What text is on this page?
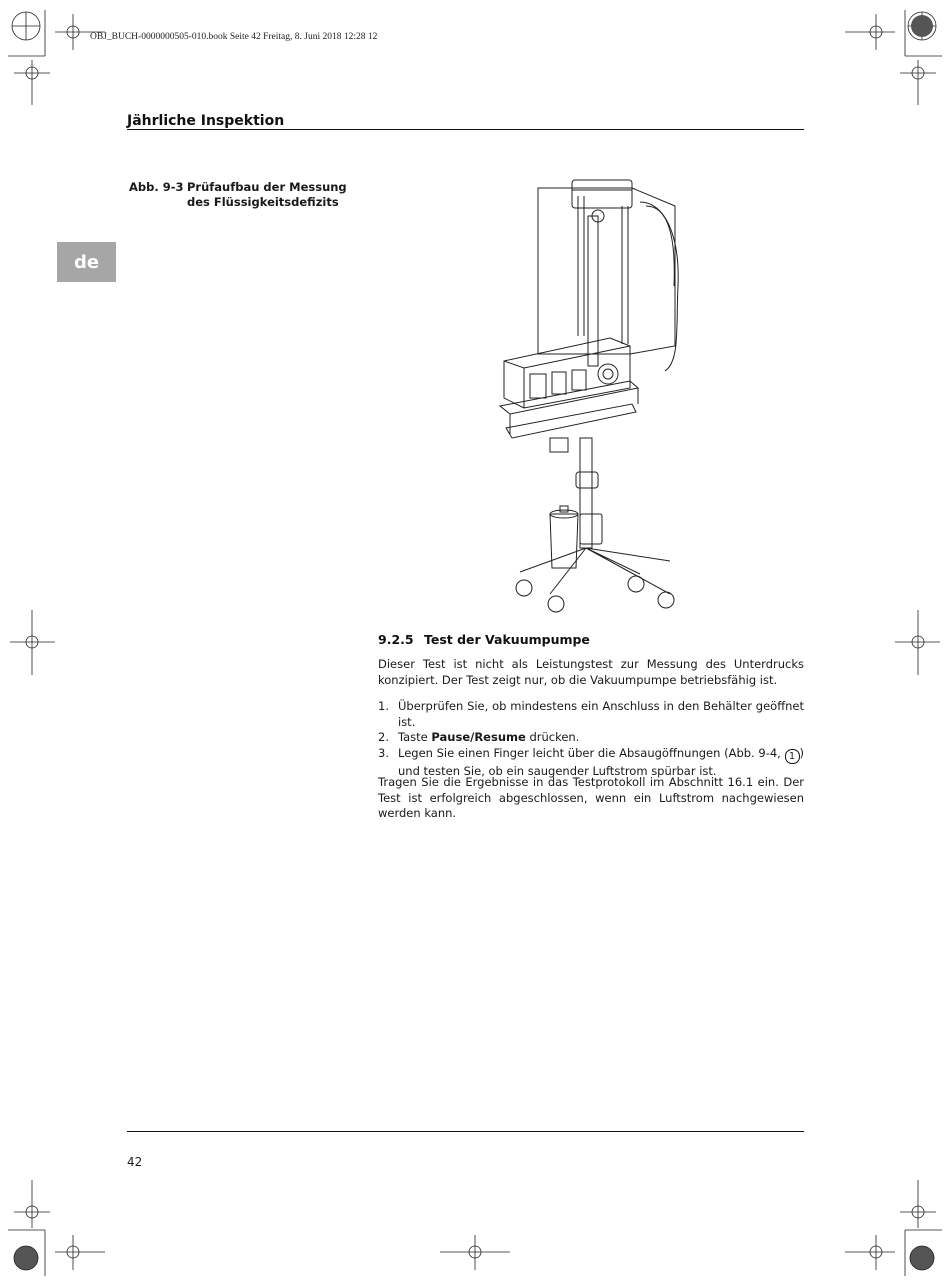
OBJ_BUCH-0000000505-010.book Seite 42 Freitag, 8. Juni 2018 12:28 12
Jährliche Inspektion
de
Abb. 9-3 Prüfaufbau der Messung des Flüssigkeitsdefizits
9.2.5 Test der Vakuumpumpe
Dieser Test ist nicht als Leistungstest zur Messung des Unterdrucks konzipiert. Der Test zeigt nur, ob die Vakuumpumpe betriebsfähig ist.
1. Überprüfen Sie, ob mindestens ein Anschluss in den Behälter geöffnet ist.
2. Taste Pause/Resume drücken.
3. Legen Sie einen Finger leicht über die Absaugöffnungen (Abb. 9-4, 1 ) und testen Sie, ob ein saugender Luftstrom spürbar ist.
Tragen Sie die Ergebnisse in das Testprotokoll im Abschnitt 16.1 ein. Der Test ist erfolgreich abgeschlossen, wenn ein Luftstrom nachgewiesen werden kann.
42
